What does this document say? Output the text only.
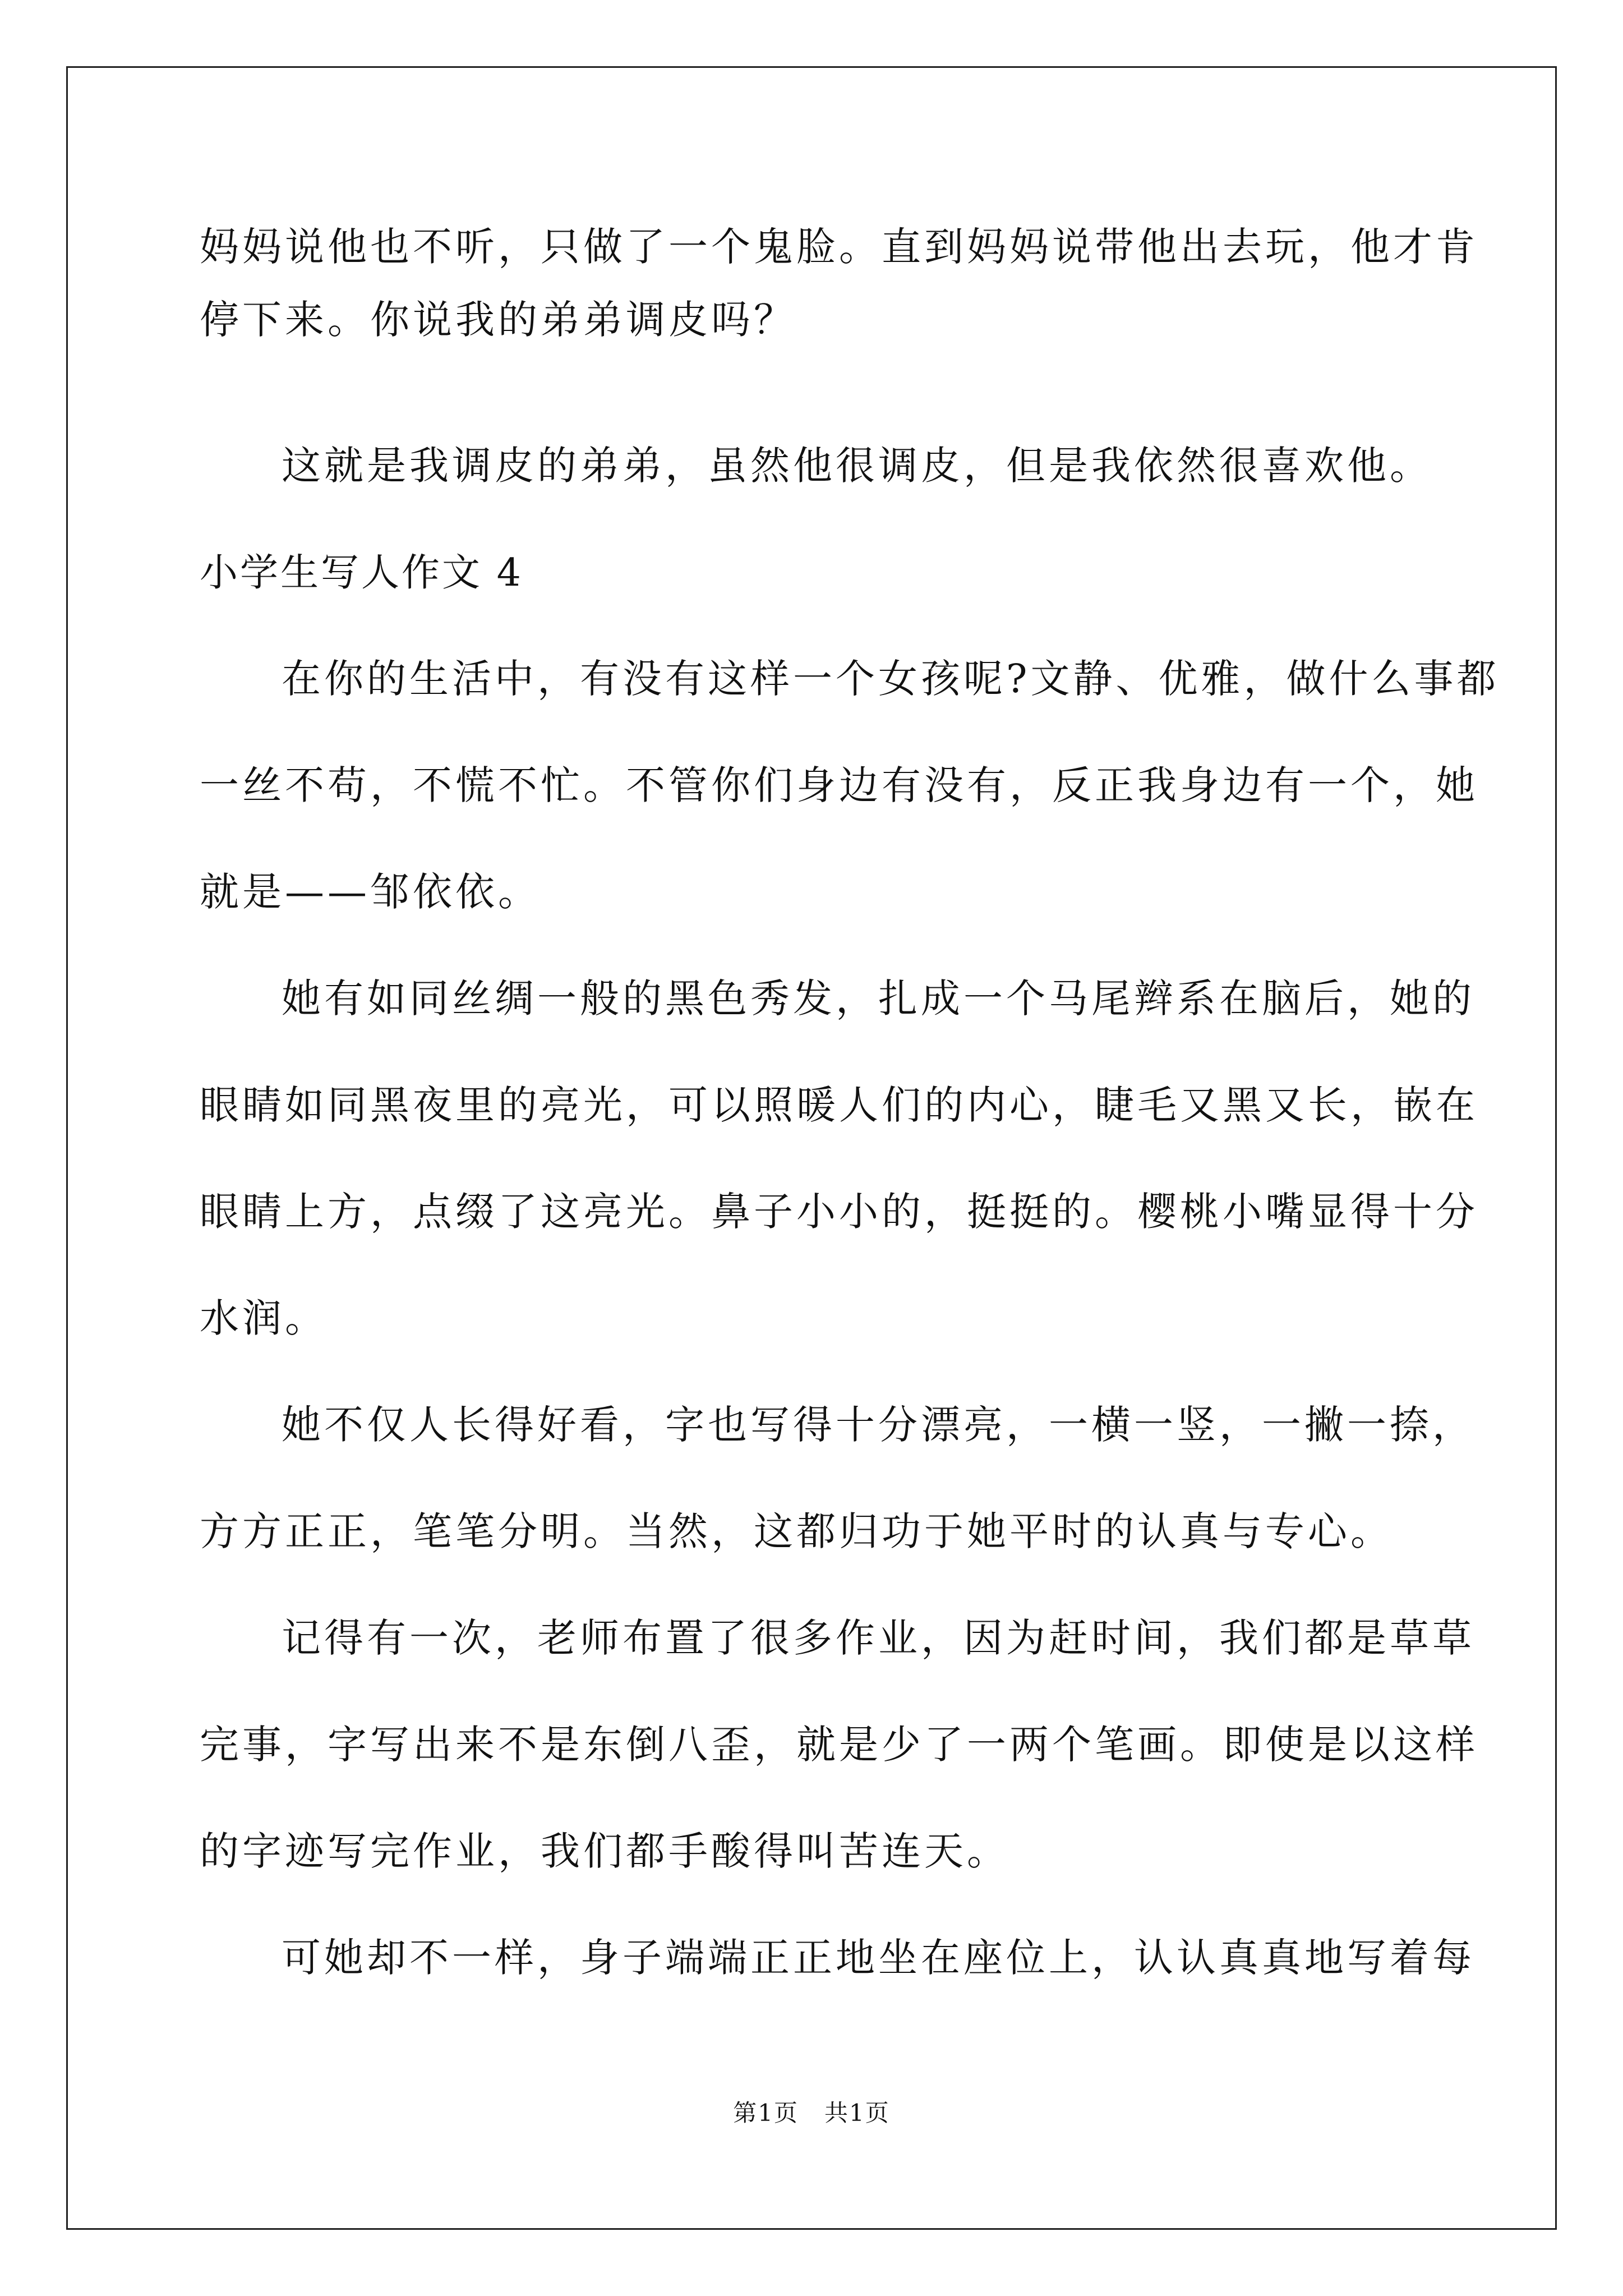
妈妈说他也不听，只做了一个鬼脸。直到妈妈说带他出去玩，他才肯

停下来。你说我的弟弟调皮吗？

这就是我调皮的弟弟，虽然他很调皮，但是我依然很喜欢他。

小学生写人作文 4

在你的生活中，有没有这样一个女孩呢?文静、优雅，做什么事都

一丝不苟，不慌不忙。不管你们身边有没有，反正我身边有一个，她

就是——邹依依。

她有如同丝绸一般的黑色秀发，扎成一个马尾辫系在脑后，她的

眼睛如同黑夜里的亮光，可以照暖人们的内心，睫毛又黑又长，嵌在

眼睛上方，点缀了这亮光。鼻子小小的，挺挺的。樱桃小嘴显得十分

水润。

她不仅人长得好看，字也写得十分漂亮，一横一竖，一撇一捺，

方方正正，笔笔分明。当然，这都归功于她平时的认真与专心。

记得有一次，老师布置了很多作业，因为赶时间，我们都是草草

完事，字写出来不是东倒八歪，就是少了一两个笔画。即使是以这样

的字迹写完作业，我们都手酸得叫苦连天。

可她却不一样，身子端端正正地坐在座位上，认认真真地写着每

第1页   共1页
